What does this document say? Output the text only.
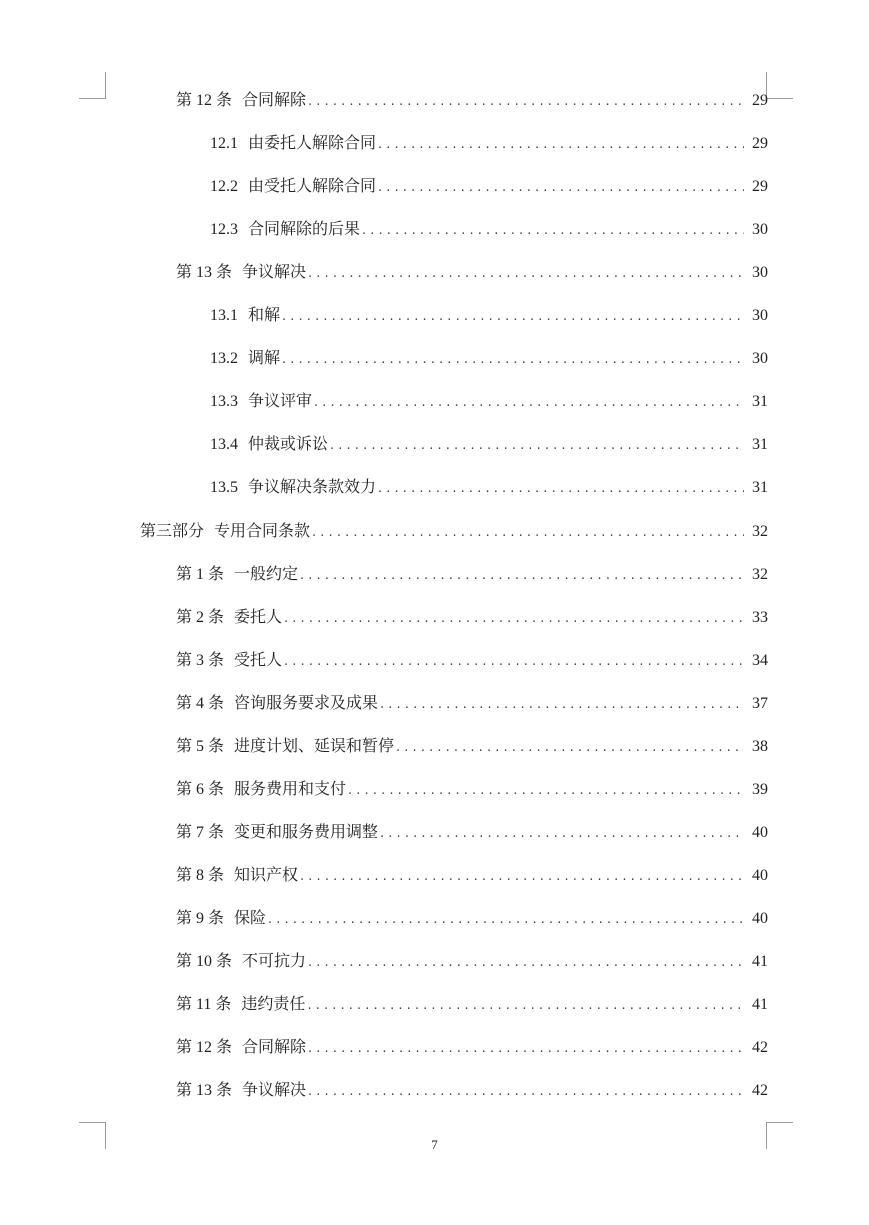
第 12 条 合同解除 . . .	29
12.1 由委托人解除合同 . . .	29
12.2 由受托人解除合同 . . .	29
12.3 合同解除的后果 . . .	30
第 13 条 争议解决 . . .	30
13.1 和解 . . .	30
13.2 调解 . . .	30
13.3 争议评审 . . .	31
13.4 仲裁或诉讼 . . .	31
13.5 争议解决条款效力 . . .	31
第三部分 专用合同条款 . . .	32
第 1 条 一般约定 . . .	32
第 2 条 委托人 . . .	33
第 3 条 受托人 . . .	34
第 4 条 咨询服务要求及成果 . . .	37
第 5 条 进度计划、延误和暂停 . . .	38
第 6 条 服务费用和支付 . . .	39
第 7 条 变更和服务费用调整 . . .	40
第 8 条 知识产权 . . .	40
第 9 条 保险 . . .	40
第 10 条 不可抗力 . . .	41
第 11 条 违约责任 . . .	41
第 12 条 合同解除 . . .	42
第 13 条 争议解决 . . .	42
7
